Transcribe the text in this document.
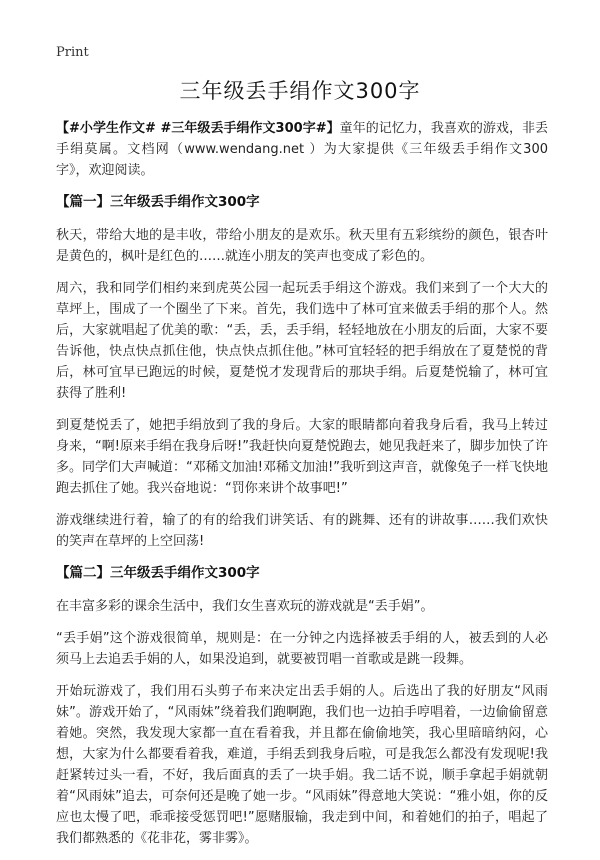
Print
三年级丢手绢作文300字

【#小学生作文# #三年级丢手绢作文300字#】童年的记忆力，我喜欢的游戏，非丢手绢莫属。文档网（www.wendang.net ）为大家提供《三年级丢手绢作文300字》，欢迎阅读。

【篇一】三年级丢手绢作文300字

秋天，带给大地的是丰收，带给小朋友的是欢乐。秋天里有五彩缤纷的颜色，银杏叶是黄色的，枫叶是红色的……就连小朋友的笑声也变成了彩色的。

周六，我和同学们相约来到虎英公园一起玩丢手绢这个游戏。我们来到了一个大大的草坪上，围成了一个圈坐了下来。首先，我们选中了林可宜来做丢手绢的那个人。然后，大家就唱起了优美的歌：“丢，丢，丢手绢，轻轻地放在小朋友的后面，大家不要告诉他，快点快点抓住他，快点快点抓住他。”林可宜轻轻的把手绢放在了夏楚悦的背后，林可宜早已跑远的时候，夏楚悦才发现背后的那块手绢。后夏楚悦输了，林可宜获得了胜利!

到夏楚悦丢了，她把手绢放到了我的身后。大家的眼睛都向着我身后看，我马上转过身来，“啊!原来手绢在我身后呀!”我赶快向夏楚悦跑去，她见我赶来了，脚步加快了许多。同学们大声喊道：“邓稀文加油!邓稀文加油!”我听到这声音，就像兔子一样飞快地跑去抓住了她。我兴奋地说：“罚你来讲个故事吧!”

游戏继续进行着，输了的有的给我们讲笑话、有的跳舞、还有的讲故事……我们欢快的笑声在草坪的上空回荡!

【篇二】三年级丢手绢作文300字

在丰富多彩的课余生活中，我们女生喜欢玩的游戏就是“丢手娟”。

“丢手娟”这个游戏很简单，规则是：在一分钟之内选择被丢手绢的人，被丢到的人必须马上去追丢手娟的人，如果没追到，就要被罚唱一首歌或是跳一段舞。

开始玩游戏了，我们用石头剪子布来决定出丢手娟的人。后选出了我的好朋友“风雨妹”。游戏开始了，“风雨妹”绕着我们跑啊跑，我们也一边拍手哼唱着，一边偷偷留意着她。突然，我发现大家都一直在看着我，并且都在偷偷地笑，我心里暗暗纳闷，心想，大家为什么都要看着我，难道，手绢丢到我身后啦，可是我怎么都没有发现呢!我赶紧转过头一看，不好，我后面真的丢了一块手娟。我二话不说，顺手拿起手娟就朝着“风雨妹”追去，可奈何还是晚了她一步。“风雨妹”得意地大笑说：“雅小姐，你的反应也太慢了吧，乖乖接受惩罚吧!”愿赌服输，我走到中间，和着她们的拍子，唱起了我们都熟悉的《花非花，雾非雾》。
